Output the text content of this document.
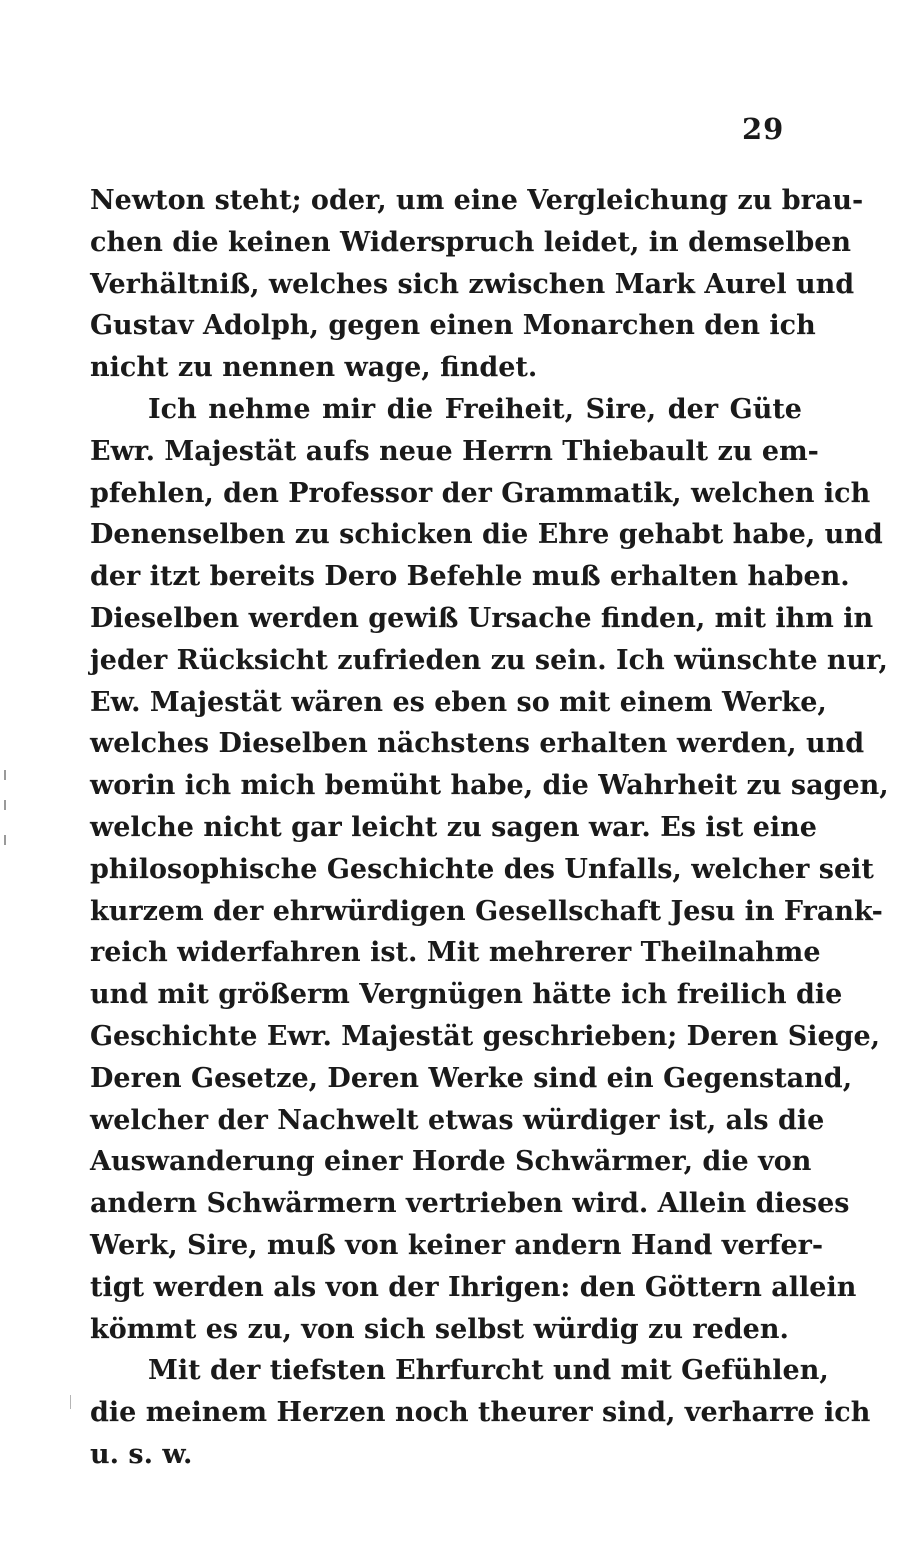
29
Newton steht; oder, um eine Vergleichung zu brau-
chen die keinen Widerspruch leidet, in demselben
Verhältniß, welches sich zwischen Mark Aurel und
Gustav Adolph, gegen einen Monarchen den ich
nicht zu nennen wage, findet.
Ich nehme mir die Freiheit, Sire, der Güte
Ewr. Majestät aufs neue Herrn Thiebault zu em-
pfehlen, den Professor der Grammatik, welchen ich
Denenselben zu schicken die Ehre gehabt habe, und
der itzt bereits Dero Befehle muß erhalten haben.
Dieselben werden gewiß Ursache finden, mit ihm in
jeder Rücksicht zufrieden zu sein. Ich wünschte nur,
Ew. Majestät wären es eben so mit einem Werke,
welches Dieselben nächstens erhalten werden, und
worin ich mich bemüht habe, die Wahrheit zu sagen,
welche nicht gar leicht zu sagen war. Es ist eine
philosophische Geschichte des Unfalls, welcher seit
kurzem der ehrwürdigen Gesellschaft Jesu in Frank-
reich widerfahren ist. Mit mehrerer Theilnahme
und mit größerm Vergnügen hätte ich freilich die
Geschichte Ewr. Majestät geschrieben; Deren Siege,
Deren Gesetze, Deren Werke sind ein Gegenstand,
welcher der Nachwelt etwas würdiger ist, als die
Auswanderung einer Horde Schwärmer, die von
andern Schwärmern vertrieben wird. Allein dieses
Werk, Sire, muß von keiner andern Hand verfer-
tigt werden als von der Ihrigen: den Göttern allein
kömmt es zu, von sich selbst würdig zu reden.
Mit der tiefsten Ehrfurcht und mit Gefühlen,
die meinem Herzen noch theurer sind, verharre ich
u. s. w.
